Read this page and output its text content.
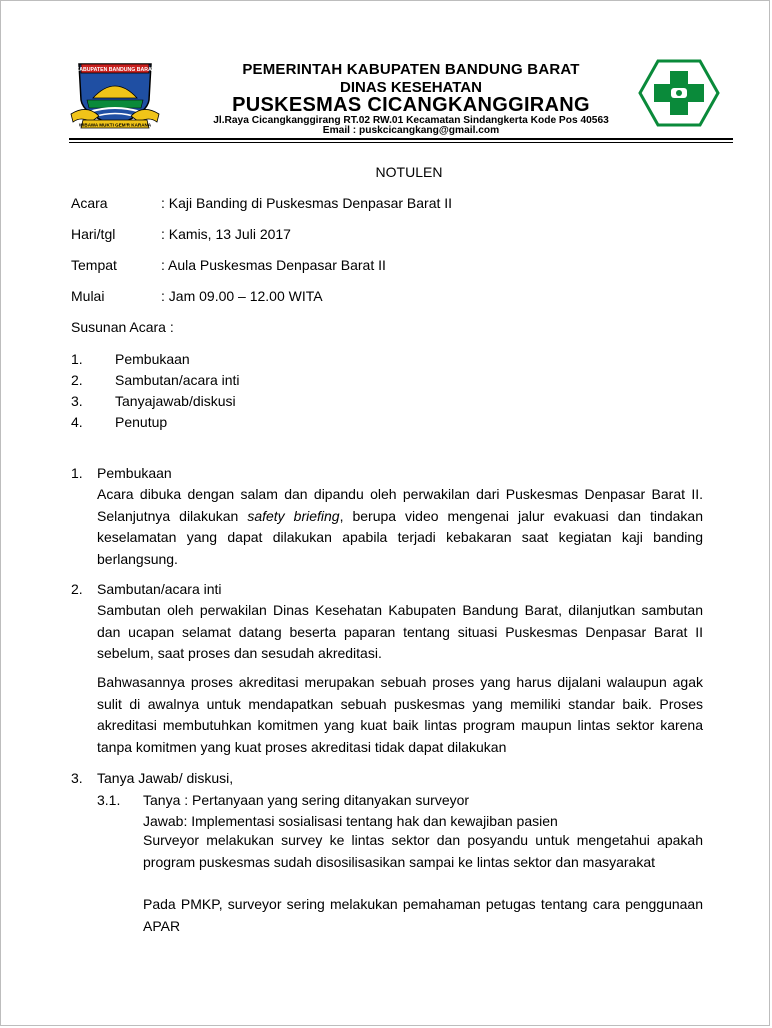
KABUPATEN BANDUNG BARAT
WIBAWA MUKTI GEM'R KARANA
PEMERINTAH KABUPATEN BANDUNG BARAT
DINAS KESEHATAN
PUSKESMAS CICANGKANGGIRANG
Jl.Raya Cicangkanggirang RT.02 RW.01 Kecamatan Sindangkerta Kode Pos 40563
Email : puskcicangkang@gmail.com
NOTULEN
Acara	: Kaji Banding di Puskesmas Denpasar Barat II
Hari/tgl	: Kamis, 13 Juli 2017
Tempat	: Aula Puskesmas Denpasar Barat II
Mulai	: Jam 09.00 – 12.00 WITA
Susunan Acara :
1. Pembukaan
2. Sambutan/acara inti
3. Tanyajawab/diskusi
4. Penutup
1. Pembukaan
Acara dibuka dengan salam dan dipandu oleh perwakilan dari Puskesmas Denpasar Barat II. Selanjutnya dilakukan safety briefing, berupa video mengenai jalur evakuasi dan tindakan keselamatan yang dapat dilakukan apabila terjadi kebakaran saat kegiatan kaji banding berlangsung.
2. Sambutan/acara inti
Sambutan oleh perwakilan Dinas Kesehatan Kabupaten Bandung Barat, dilanjutkan sambutan dan ucapan selamat datang beserta paparan tentang situasi Puskesmas Denpasar Barat II sebelum, saat proses dan sesudah akreditasi.
Bahwasannya proses akreditasi merupakan sebuah proses yang harus dijalani walaupun agak sulit di awalnya untuk mendapatkan sebuah puskesmas yang memiliki standar baik. Proses akreditasi membutuhkan komitmen yang kuat baik lintas program maupun lintas sektor karena tanpa komitmen yang kuat proses akreditasi tidak dapat dilakukan
3. Tanya Jawab/ diskusi,
3.1. Tanya : Pertanyaan yang sering ditanyakan surveyor
Jawab: Implementasi sosialisasi tentang hak dan kewajiban pasien
Surveyor melakukan survey ke lintas sektor dan posyandu untuk mengetahui apakah program puskesmas sudah disosilisasikan sampai ke lintas sektor dan masyarakat
Pada PMKP, surveyor sering melakukan pemahaman petugas tentang cara penggunaan APAR
